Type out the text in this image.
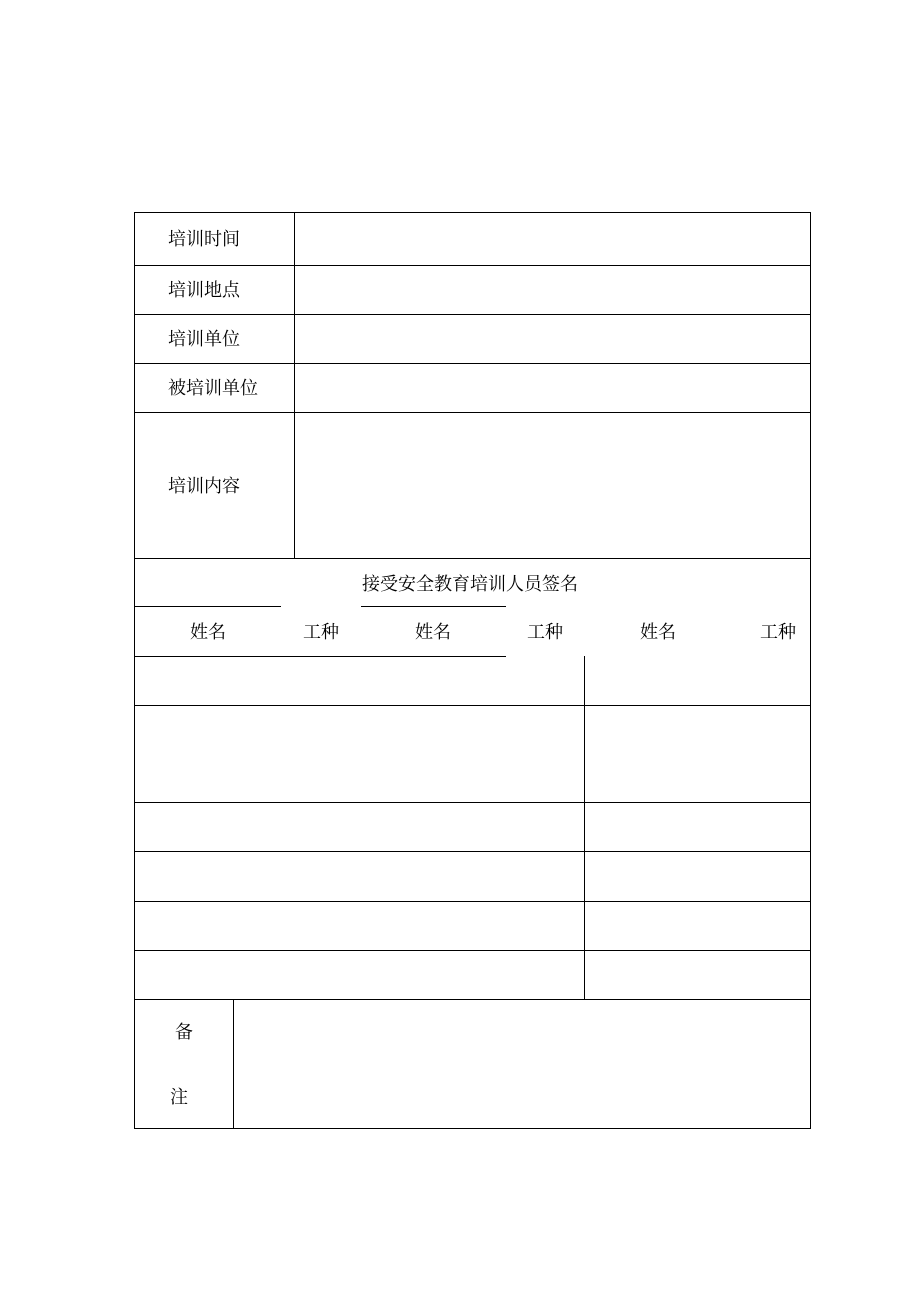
培训时间
培训地点
培训单位
被培训单位
培训内容
接受安全教育培训人员签名
姓名	工种	姓名	工种	姓名	工种
备
注
